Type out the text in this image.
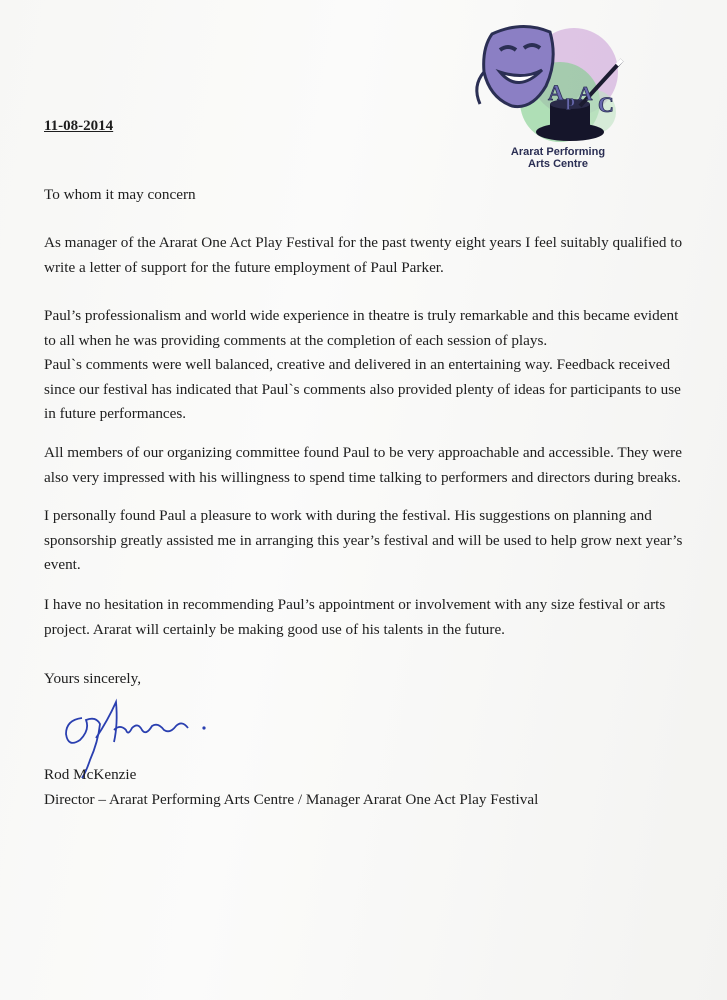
A p A C
Ararat Performing
Arts Centre
11-08-2014

To whom it may concern

As manager of the Ararat One Act Play Festival for the past twenty eight years I feel suitably qualified to write a letter of support for the future employment of Paul Parker.

Paul’s professionalism and world wide experience in theatre is truly remarkable and this became evident to all when he was providing comments at the completion of each session of plays.
Paul`s comments were well balanced, creative and delivered in an entertaining way. Feedback received since our festival has indicated that Paul`s comments also provided plenty of ideas for participants to use in future performances.

All members of our organizing committee found Paul to be very approachable and accessible. They were also very impressed with his willingness to spend time talking to performers and directors during breaks.

I personally found Paul a pleasure to work with during the festival. His suggestions on planning and sponsorship greatly assisted me in arranging this year’s festival and will be used to help grow next year’s event.

I have no hesitation in recommending Paul’s appointment or involvement with any size festival or arts project. Ararat will certainly be making good use of his talents in the future.

Yours sincerely,

Rod McKenzie

Director – Ararat Performing Arts Centre / Manager Ararat One Act Play Festival
